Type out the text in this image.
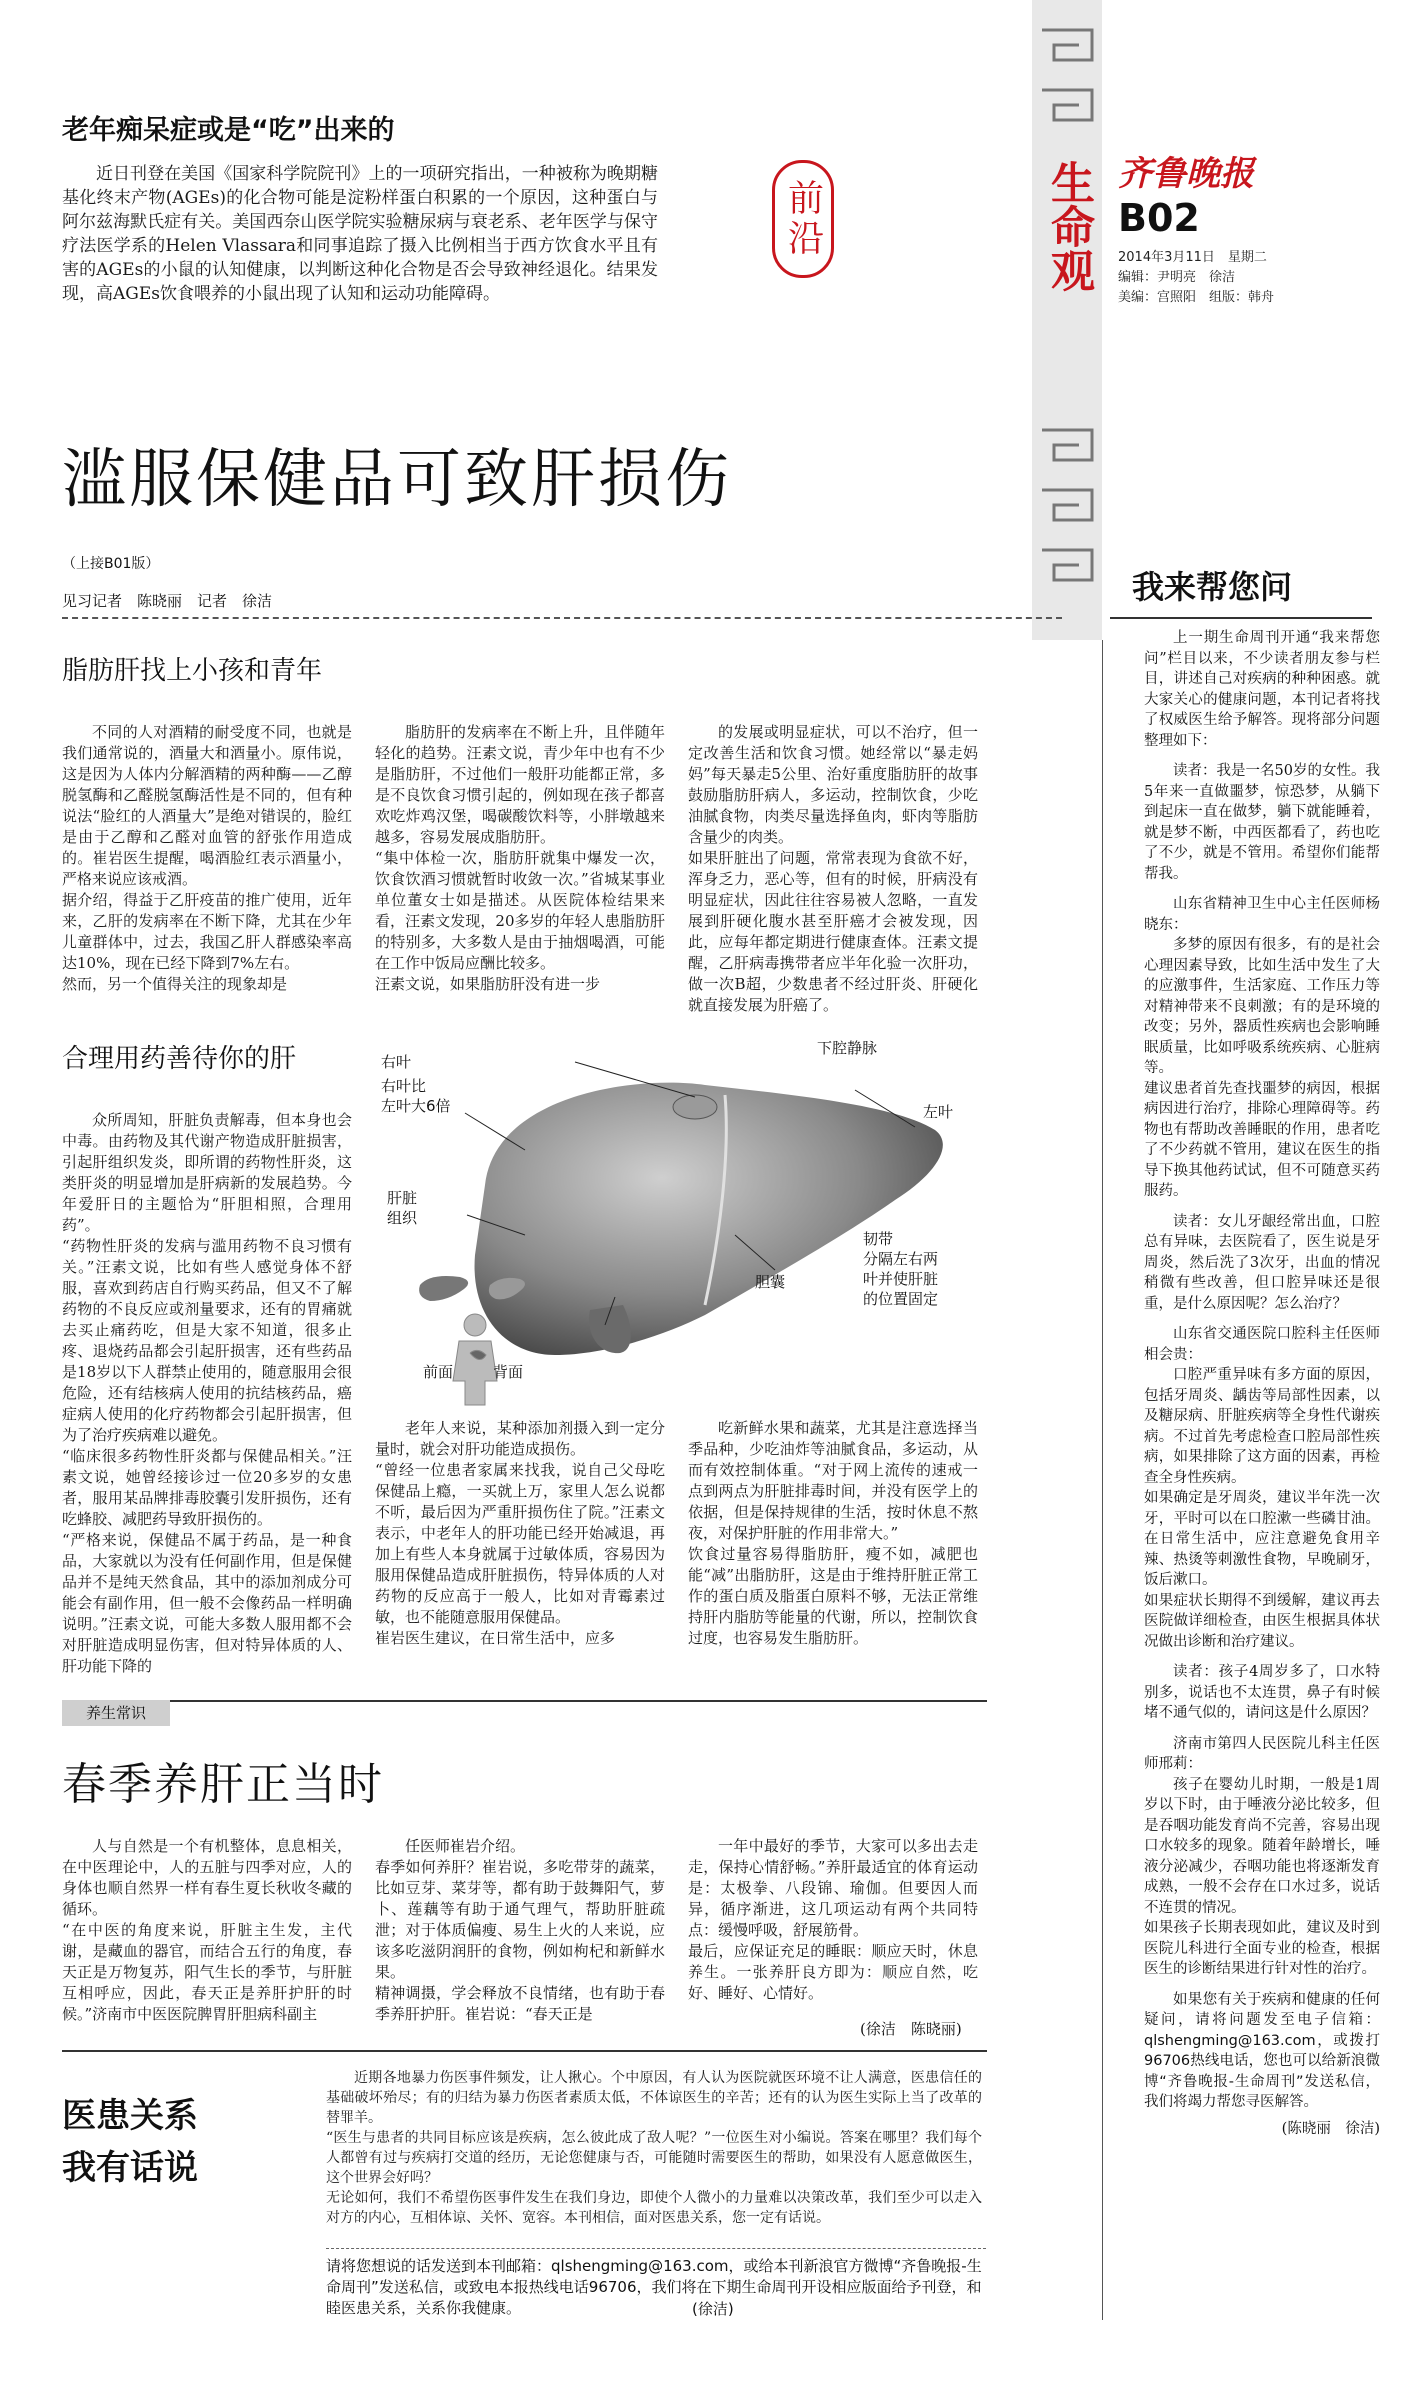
生命观
前沿
齐鲁晚报
B02
2014年3月11日　星期二
编辑：尹明亮　徐洁
美编：宫照阳　组版：韩舟
老年痴呆症或是“吃”出来的
近日刊登在美国《国家科学院院刊》上的一项研究指出，一种被称为晚期糖基化终末产物(AGEs)的化合物可能是淀粉样蛋白积累的一个原因，这种蛋白与阿尔兹海默氏症有关。美国西奈山医学院实验糖尿病与衰老系、老年医学与保守疗法医学系的Helen Vlassara和同事追踪了摄入比例相当于西方饮食水平且有害的AGEs的小鼠的认知健康，以判断这种化合物是否会导致神经退化。结果发现，高AGEs饮食喂养的小鼠出现了认知和运动功能障碍。
滥服保健品可致肝损伤
（上接B01版）
见习记者　陈晓丽　记者　徐洁
脂肪肝找上小孩和青年
不同的人对酒精的耐受度不同，也就是我们通常说的，酒量大和酒量小。原伟说，这是因为人体内分解酒精的两种酶——乙醇脱氢酶和乙醛脱氢酶活性是不同的，但有种说法“脸红的人酒量大”是绝对错误的，脸红是由于乙醇和乙醛对血管的舒张作用造成的。崔岩医生提醒，喝酒脸红表示酒量小，严格来说应该戒酒。
据介绍，得益于乙肝疫苗的推广使用，近年来，乙肝的发病率在不断下降，尤其在少年儿童群体中，过去，我国乙肝人群感染率高达10%，现在已经下降到7%左右。
然而，另一个值得关注的现象却是
脂肪肝的发病率在不断上升，且伴随年轻化的趋势。汪素文说，青少年中也有不少是脂肪肝，不过他们一般肝功能都正常，多是不良饮食习惯引起的，例如现在孩子都喜欢吃炸鸡汉堡，喝碳酸饮料等，小胖墩越来越多，容易发展成脂肪肝。
“集中体检一次，脂肪肝就集中爆发一次，饮食饮酒习惯就暂时收敛一次。”省城某事业单位董女士如是描述。从医院体检结果来看，汪素文发现，20多岁的年轻人患脂肪肝的特别多，大多数人是由于抽烟喝酒，可能在工作中饭局应酬比较多。
汪素文说，如果脂肪肝没有进一步
的发展或明显症状，可以不治疗，但一定改善生活和饮食习惯。她经常以“暴走妈妈”每天暴走5公里、治好重度脂肪肝的故事鼓励脂肪肝病人，多运动，控制饮食，少吃油腻食物，肉类尽量选择鱼肉，虾肉等脂肪含量少的肉类。
如果肝脏出了问题，常常表现为食欲不好，浑身乏力，恶心等，但有的时候，肝病没有明显症状，因此往往容易被人忽略，一直发展到肝硬化腹水甚至肝癌才会被发现，因此，应每年都定期进行健康查体。汪素文提醒，乙肝病毒携带者应半年化验一次肝功，做一次B超，少数患者不经过肝炎、肝硬化就直接发展为肝癌了。
合理用药善待你的肝
众所周知，肝脏负责解毒，但本身也会中毒。由药物及其代谢产物造成肝脏损害，引起肝组织发炎，即所谓的药物性肝炎，这类肝炎的明显增加是肝病新的发展趋势。今年爱肝日的主题恰为“肝胆相照，合理用药”。
“药物性肝炎的发病与滥用药物不良习惯有关。”汪素文说，比如有些人感觉身体不舒服，喜欢到药店自行购买药品，但又不了解药物的不良反应或剂量要求，还有的胃痛就去买止痛药吃，但是大家不知道，很多止疼、退烧药品都会引起肝损害，还有些药品是18岁以下人群禁止使用的，随意服用会很危险，还有结核病人使用的抗结核药品，癌症病人使用的化疗药物都会引起肝损害，但为了治疗疾病难以避免。
“临床很多药物性肝炎都与保健品相关。”汪素文说，她曾经接诊过一位20多岁的女患者，服用某品牌排毒胶囊引发肝损伤，还有吃蜂胶、减肥药导致肝损伤的。
“严格来说，保健品不属于药品，是一种食品，大家就以为没有任何副作用，但是保健品并不是纯天然食品，其中的添加剂成分可能会有副作用，但一般不会像药品一样明确说明。”汪素文说，可能大多数人服用都不会对肝脏造成明显伤害，但对特异体质的人、肝功能下降的
老年人来说，某种添加剂摄入到一定分量时，就会对肝功能造成损伤。
“曾经一位患者家属来找我，说自己父母吃保健品上瘾，一买就上万，家里人怎么说都不听，最后因为严重肝损伤住了院。”汪素文表示，中老年人的肝功能已经开始减退，再加上有些人本身就属于过敏体质，容易因为服用保健品造成肝脏损伤，特异体质的人对药物的反应高于一般人，比如对青霉素过敏，也不能随意服用保健品。
崔岩医生建议，在日常生活中，应多
吃新鲜水果和蔬菜，尤其是注意选择当季品种，少吃油炸等油腻食品，多运动，从而有效控制体重。“对于网上流传的速戒一点到两点为肝脏排毒时间，并没有医学上的依据，但是保持规律的生活，按时休息不熬夜，对保护肝脏的作用非常大。”
饮食过量容易得脂肪肝，瘦不如，减肥也能“减”出脂肪肝，这是由于维持肝脏正常工作的蛋白质及脂蛋白原料不够，无法正常维持肝内脂肪等能量的代谢，所以，控制饮食过度，也容易发生脂肪肝。
右叶
右叶比
左叶大6倍
下腔静脉
左叶
肝脏
组织
韧带
分隔左右两
叶并使肝脏
的位置固定
胆囊
前面	背面
养生常识
春季养肝正当时
人与自然是一个有机整体，息息相关，在中医理论中，人的五脏与四季对应，人的身体也顺自然界一样有春生夏长秋收冬藏的循环。
“在中医的角度来说，肝脏主生发，主代谢，是藏血的器官，而结合五行的角度，春天正是万物复苏，阳气生长的季节，与肝脏互相呼应，因此，春天正是养肝护肝的时候。”济南市中医医院脾胃肝胆病科副主
任医师崔岩介绍。
春季如何养肝？崔岩说，多吃带芽的蔬菜，比如豆芽、菜芽等，都有助于鼓舞阳气，萝卜、莲藕等有助于通气理气，帮助肝脏疏泄；对于体质偏瘦、易生上火的人来说，应该多吃滋阴润肝的食物，例如枸杞和新鲜水果。
精神调摄，学会释放不良情绪，也有助于春季养肝护肝。崔岩说：“春天正是
一年中最好的季节，大家可以多出去走走，保持心情舒畅。”养肝最适宜的体育运动是：太极拳、八段锦、瑜伽。但要因人而异，循序渐进，这几项运动有两个共同特点：缓慢呼吸，舒展筋骨。
最后，应保证充足的睡眠：顺应天时，休息养生。一张养肝良方即为：顺应自然，吃好、睡好、心情好。
(徐洁　陈晓丽)
医患关系
我有话说
近期各地暴力伤医事件频发，让人揪心。个中原因，有人认为医院就医环境不让人满意，医患信任的基础破坏殆尽；有的归结为暴力伤医者素质太低，不体谅医生的辛苦；还有的认为医生实际上当了改革的替罪羊。
“医生与患者的共同目标应该是疾病，怎么彼此成了敌人呢？”一位医生对小编说。答案在哪里？我们每个人都曾有过与疾病打交道的经历，无论您健康与否，可能随时需要医生的帮助，如果没有人愿意做医生，这个世界会好吗？
无论如何，我们不希望伤医事件发生在我们身边，即使个人微小的力量难以决策改革，我们至少可以走入对方的内心，互相体谅、关怀、宽容。本刊相信，面对医患关系，您一定有话说。
请将您想说的话发送到本刊邮箱：qlshengming@163.com，或给本刊新浪官方微博“齐鲁晚报-生命周刊”发送私信，或致电本报热线电话96706，我们将在下期生命周刊开设相应版面给予刊登，和睦医患关系，关系你我健康。	(徐洁)
我来帮您问
上一期生命周刊开通“我来帮您问”栏目以来，不少读者朋友参与栏目，讲述自己对疾病的种种困惑。就大家关心的健康问题，本刊记者将找了权威医生给予解答。现将部分问题整理如下：
读者：我是一名50岁的女性。我5年来一直做噩梦，惊恐梦，从躺下到起床一直在做梦，躺下就能睡着，就是梦不断，中西医都看了，药也吃了不少，就是不管用。希望你们能帮帮我。
山东省精神卫生中心主任医师杨晓东：
多梦的原因有很多，有的是社会心理因素导致，比如生活中发生了大的应激事件，生活家庭、工作压力等对精神带来不良刺激；有的是环境的改变；另外，器质性疾病也会影响睡眠质量，比如呼吸系统疾病、心脏病等。
建议患者首先查找噩梦的病因，根据病因进行治疗，排除心理障碍等。药物也有帮助改善睡眠的作用，患者吃了不少药就不管用，建议在医生的指导下换其他药试试，但不可随意买药服药。
读者：女儿牙龈经常出血，口腔总有异味，去医院看了，医生说是牙周炎，然后洗了3次牙，出血的情况稍微有些改善，但口腔异味还是很重，是什么原因呢？怎么治疗？
山东省交通医院口腔科主任医师相会贵：
口腔严重异味有多方面的原因，包括牙周炎、龋齿等局部性因素，以及糖尿病、肝脏疾病等全身性代谢疾病。不过首先考虑检查口腔局部性疾病，如果排除了这方面的因素，再检查全身性疾病。
如果确定是牙周炎，建议半年洗一次牙，平时可以在口腔漱一些磷甘油。在日常生活中，应注意避免食用辛辣、热烫等刺激性食物，早晚刷牙，饭后漱口。
如果症状长期得不到缓解，建议再去医院做详细检查，由医生根据具体状况做出诊断和治疗建议。
读者：孩子4周岁多了，口水特别多，说话也不太连贯，鼻子有时候堵不通气似的，请问这是什么原因？
济南市第四人民医院儿科主任医师邢莉：
孩子在婴幼儿时期，一般是1周岁以下时，由于唾液分泌比较多，但是吞咽功能发育尚不完善，容易出现口水较多的现象。随着年龄增长，唾液分泌减少，吞咽功能也将逐渐发育成熟，一般不会存在口水过多，说话不连贯的情况。
如果孩子长期表现如此，建议及时到医院儿科进行全面专业的检查，根据医生的诊断结果进行针对性的治疗。
如果您有关于疾病和健康的任何疑问，请将问题发至电子信箱：qlshengming@163.com，或拨打96706热线电话，您也可以给新浪微博“齐鲁晚报-生命周刊”发送私信，我们将竭力帮您寻医解答。
(陈晓丽　徐洁)
